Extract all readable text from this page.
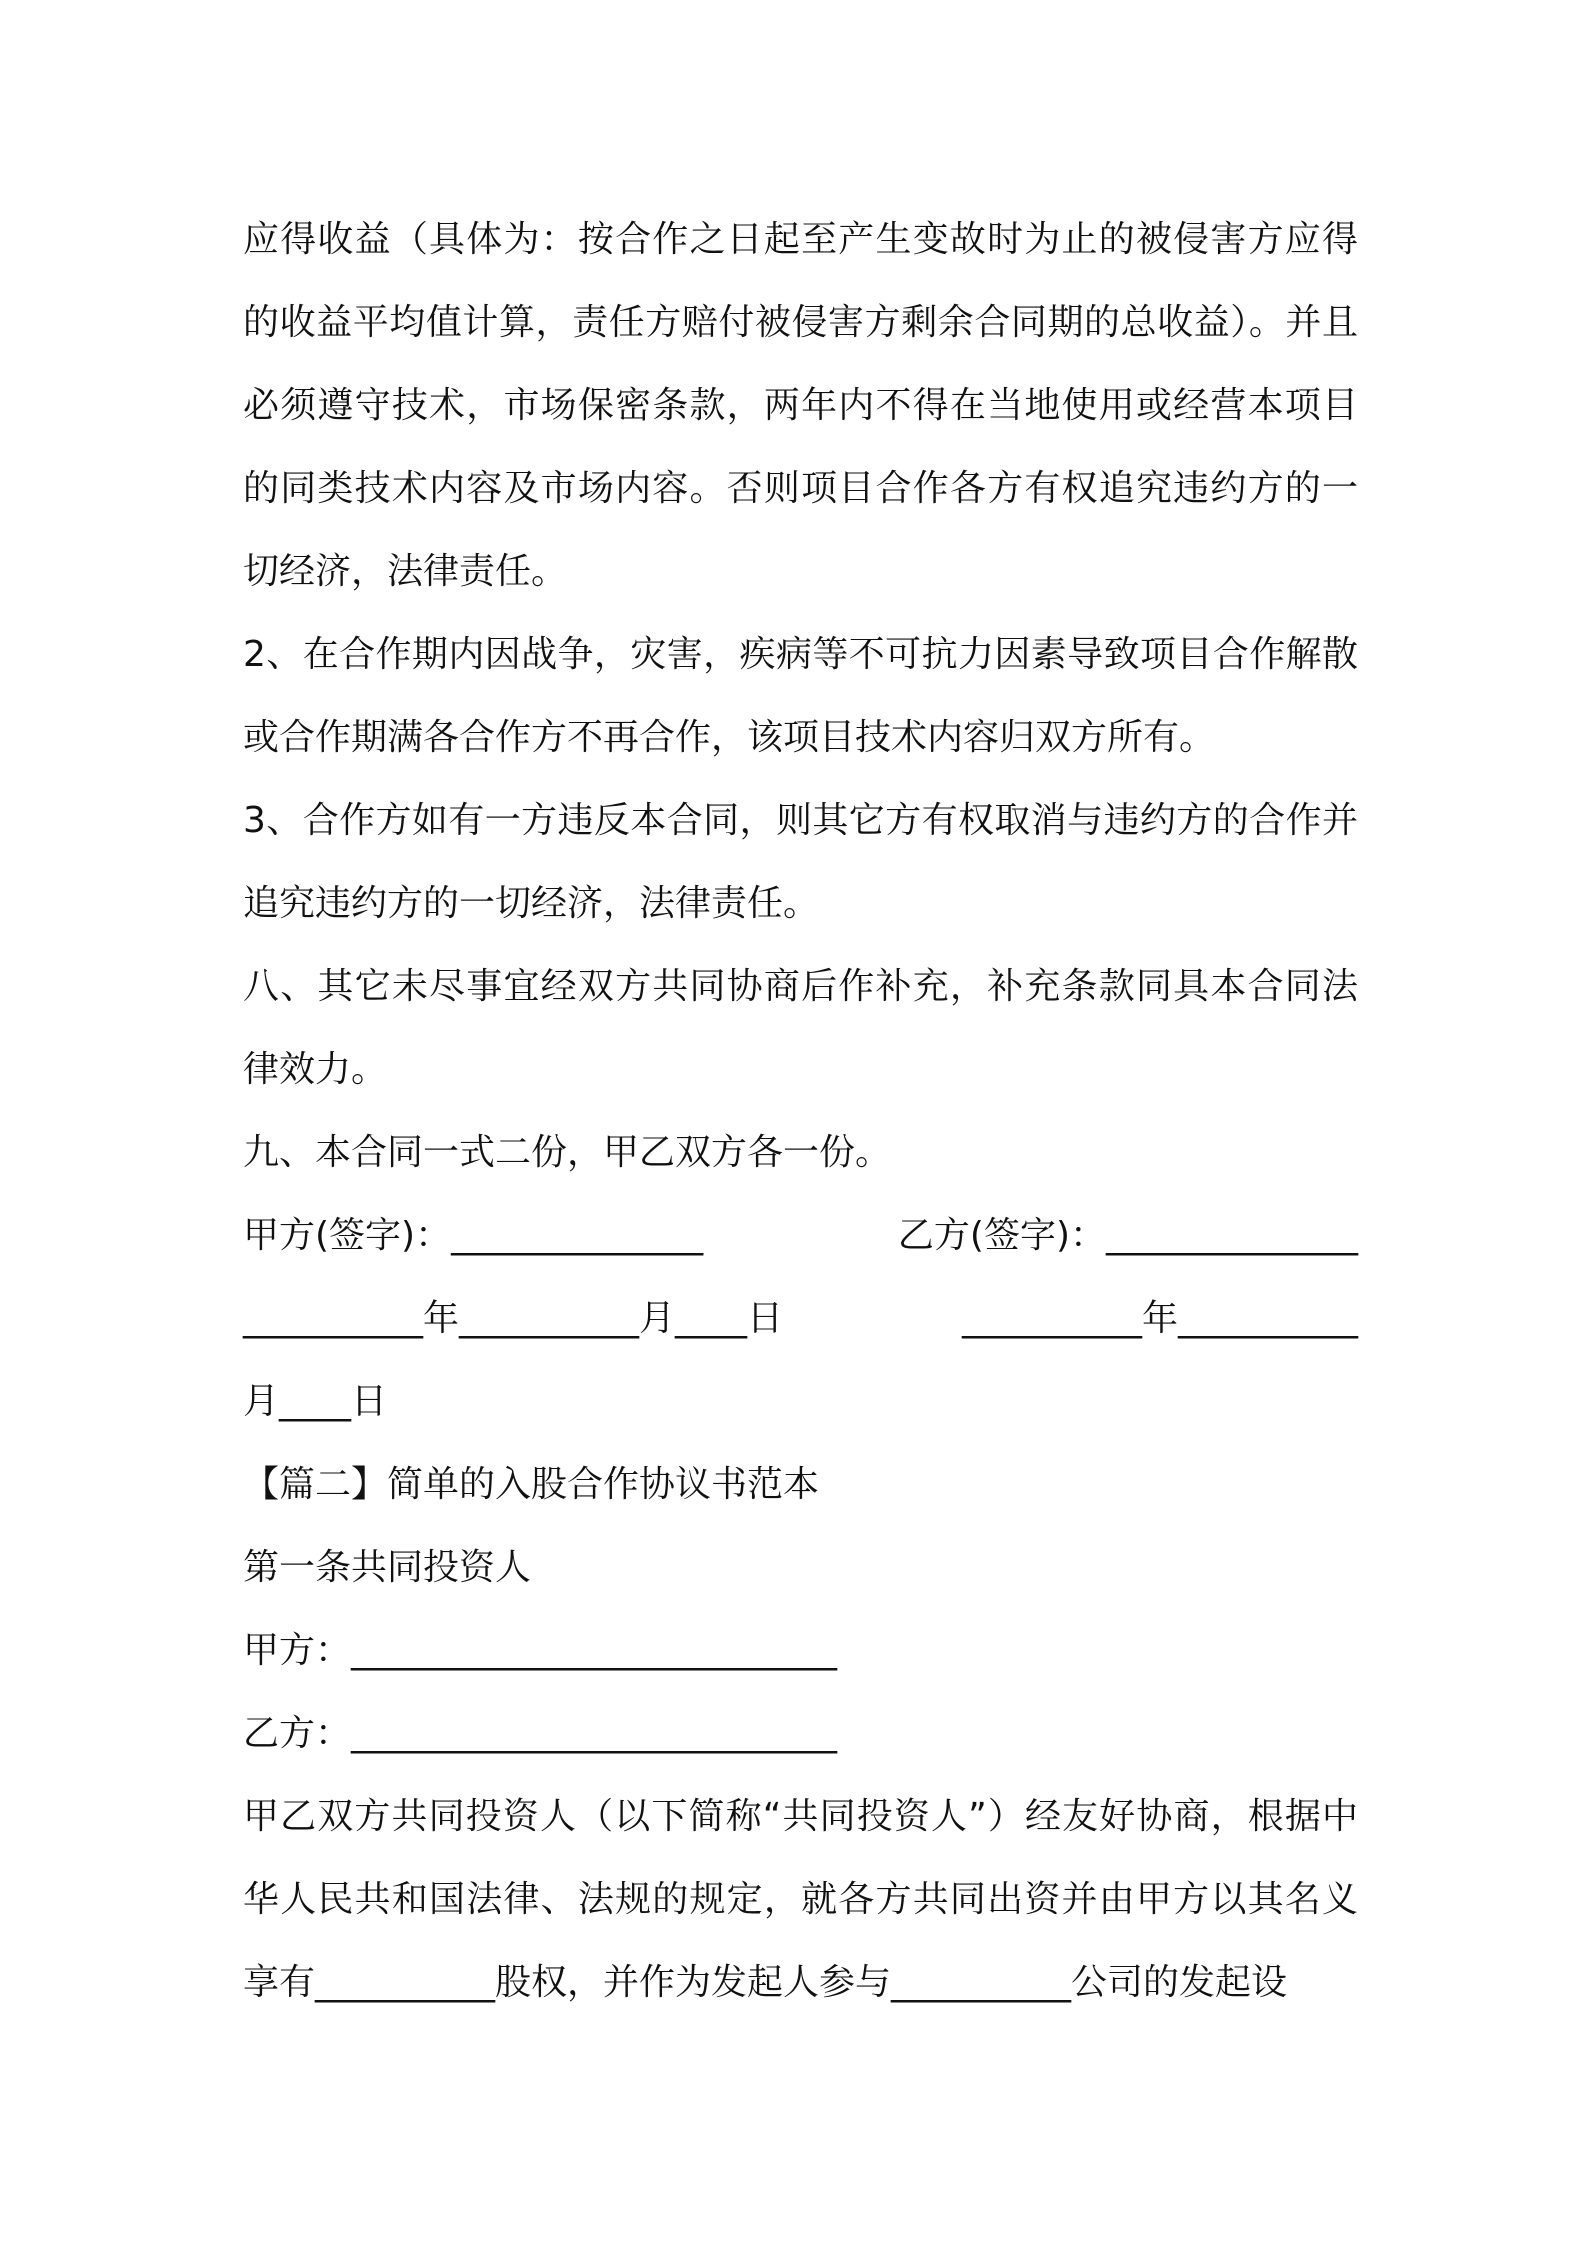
应得收益（具体为：按合作之日起至产生变故时为止的被侵害方应得的收益平均值计算，责任方赔付被侵害方剩余合同期的总收益）。并且必须遵守技术，市场保密条款，两年内不得在当地使用或经营本项目的同类技术内容及市场内容。否则项目合作各方有权追究违约方的一切经济，法律责任。

2、在合作期内因战争，灾害，疾病等不可抗力因素导致项目合作解散或合作期满各合作方不再合作，该项目技术内容归双方所有。

3、合作方如有一方违反本合同，则其它方有权取消与违约方的合作并追究违约方的一切经济，法律责任。

八、其它未尽事宜经双方共同协商后作补充，补充条款同具本合同法律效力。

九、本合同一式二份，甲乙双方各一份。

甲方(签字)：______________	乙方(签字)：______________
__________年__________月____日	__________年__________
月____日
【篇二】简单的入股合作协议书范本
第一条共同投资人
甲方：___________________________
乙方：___________________________

甲乙双方共同投资人（以下简称“共同投资人”）经友好协商，根据中华人民共和国法律、法规的规定，就各方共同出资并由甲方以其名义享有__________股权，并作为发起人参与__________公司的发起设
